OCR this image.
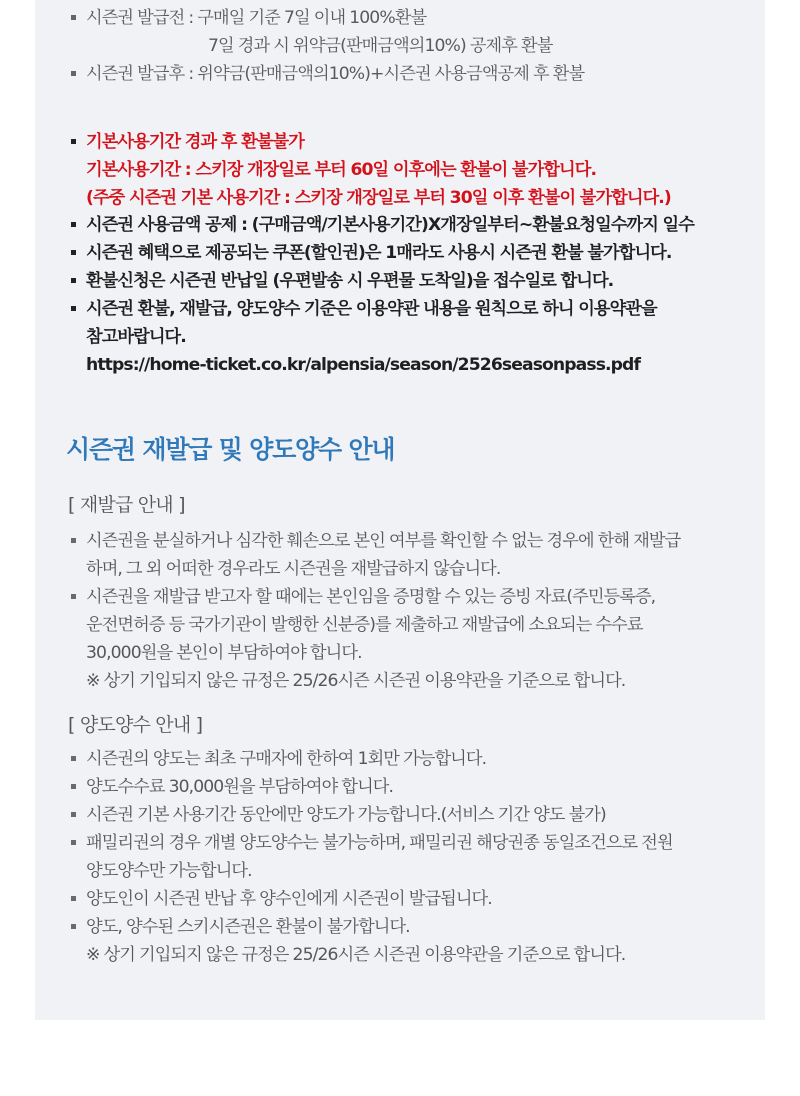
시즌권 발급전 : 구매일 기준 7일 이내 100%환불
7일 경과 시 위약금(판매금액의10%) 공제후 환불
시즌권 발급후 : 위약금(판매금액의10%)+시즌권 사용금액공제 후 환불
기본사용기간 경과 후 환불불가
기본사용기간 : 스키장 개장일로 부터 60일 이후에는 환불이 불가합니다.
(주중 시즌권 기본 사용기간 : 스키장 개장일로 부터 30일 이후 환불이 불가합니다.)
시즌권 사용금액 공제 : (구매금액/기본사용기간)X개장일부터~환불요청일수까지 일수
시즌권 혜택으로 제공되는 쿠폰(할인권)은 1매라도 사용시 시즌권 환불 불가합니다.
환불신청은 시즌권 반납일 (우편발송 시 우편물 도착일)을 접수일로 합니다.
시즌권 환불, 재발급, 양도양수 기준은 이용약관 내용을 원칙으로 하니 이용약관을
참고바랍니다.
https://home-ticket.co.kr/alpensia/season/2526seasonpass.pdf
시즌권 재발급 및 양도양수 안내
[ 재발급 안내 ]
시즌권을 분실하거나 심각한 훼손으로 본인 여부를 확인할 수 없는 경우에 한해 재발급
하며, 그 외 어떠한 경우라도 시즌권을 재발급하지 않습니다.
시즌권을 재발급 받고자 할 때에는 본인임을 증명할 수 있는 증빙 자료(주민등록증,
운전면허증 등 국가기관이 발행한 신분증)를 제출하고 재발급에 소요되는 수수료
30,000원을 본인이 부담하여야 합니다.
※ 상기 기입되지 않은 규정은 25/26시즌 시즌권 이용약관을 기준으로 합니다.
[ 양도양수 안내 ]
시즌권의 양도는 최초 구매자에 한하여 1회만 가능합니다.
양도수수료 30,000원을 부담하여야 합니다.
시즌권 기본 사용기간 동안에만 양도가 가능합니다.(서비스 기간 양도 불가)
패밀리권의 경우 개별 양도양수는 불가능하며, 패밀리권 해당권종 동일조건으로 전원
양도양수만 가능합니다.
양도인이 시즌권 반납 후 양수인에게 시즌권이 발급됩니다.
양도, 양수된 스키시즌권은 환불이 불가합니다.
※ 상기 기입되지 않은 규정은 25/26시즌 시즌권 이용약관을 기준으로 합니다.
